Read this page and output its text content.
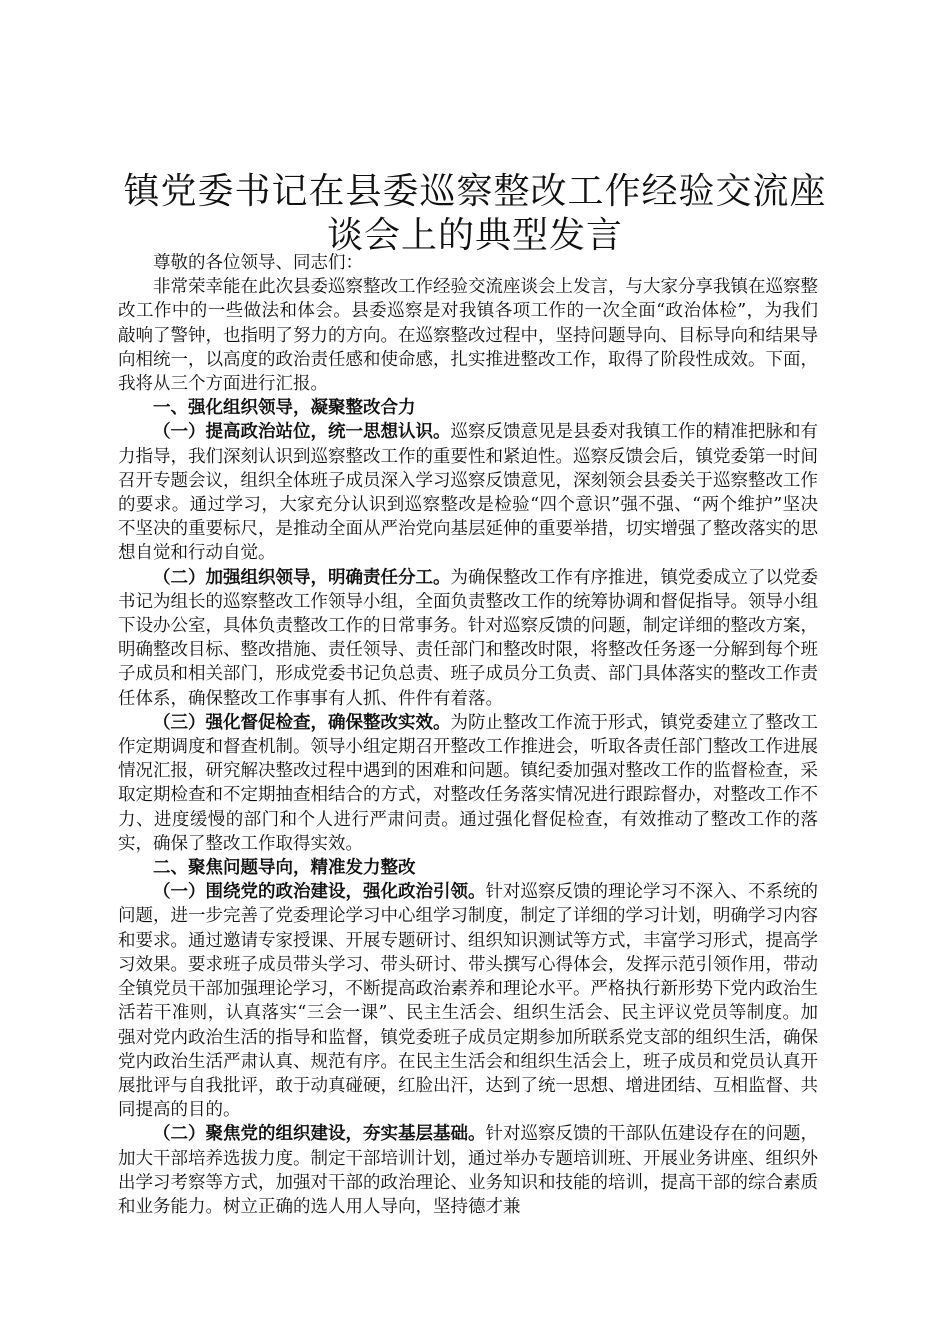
镇党委书记在县委巡察整改工作经验交流座谈会上的典型发言

尊敬的各位领导、同志们：

非常荣幸能在此次县委巡察整改工作经验交流座谈会上发言，与大家分享我镇在巡察整改工作中的一些做法和体会。县委巡察是对我镇各项工作的一次全面“政治体检”，为我们敲响了警钟，也指明了努力的方向。在巡察整改过程中，坚持问题导向、目标导向和结果导向相统一，以高度的政治责任感和使命感，扎实推进整改工作，取得了阶段性成效。下面，我将从三个方面进行汇报。

一、强化组织领导，凝聚整改合力

（一）提高政治站位，统一思想认识。巡察反馈意见是县委对我镇工作的精准把脉和有力指导，我们深刻认识到巡察整改工作的重要性和紧迫性。巡察反馈会后，镇党委第一时间召开专题会议，组织全体班子成员深入学习巡察反馈意见，深刻领会县委关于巡察整改工作的要求。通过学习，大家充分认识到巡察整改是检验“四个意识”强不强、“两个维护”坚决不坚决的重要标尺，是推动全面从严治党向基层延伸的重要举措，切实增强了整改落实的思想自觉和行动自觉。

（二）加强组织领导，明确责任分工。为确保整改工作有序推进，镇党委成立了以党委书记为组长的巡察整改工作领导小组，全面负责整改工作的统筹协调和督促指导。领导小组下设办公室，具体负责整改工作的日常事务。针对巡察反馈的问题，制定详细的整改方案，明确整改目标、整改措施、责任领导、责任部门和整改时限，将整改任务逐一分解到每个班子成员和相关部门，形成党委书记负总责、班子成员分工负责、部门具体落实的整改工作责任体系，确保整改工作事事有人抓、件件有着落。

（三）强化督促检查，确保整改实效。为防止整改工作流于形式，镇党委建立了整改工作定期调度和督查机制。领导小组定期召开整改工作推进会，听取各责任部门整改工作进展情况汇报，研究解决整改过程中遇到的困难和问题。镇纪委加强对整改工作的监督检查，采取定期检查和不定期抽查相结合的方式，对整改任务落实情况进行跟踪督办，对整改工作不力、进度缓慢的部门和个人进行严肃问责。通过强化督促检查，有效推动了整改工作的落实，确保了整改工作取得实效。

二、聚焦问题导向，精准发力整改

（一）围绕党的政治建设，强化政治引领。针对巡察反馈的理论学习不深入、不系统的问题，进一步完善了党委理论学习中心组学习制度，制定了详细的学习计划，明确学习内容和要求。通过邀请专家授课、开展专题研讨、组织知识测试等方式，丰富学习形式，提高学习效果。要求班子成员带头学习、带头研讨、带头撰写心得体会，发挥示范引领作用，带动全镇党员干部加强理论学习，不断提高政治素养和理论水平。严格执行新形势下党内政治生活若干准则，认真落实“三会一课”、民主生活会、组织生活会、民主评议党员等制度。加强对党内政治生活的指导和监督，镇党委班子成员定期参加所联系党支部的组织生活，确保党内政治生活严肃认真、规范有序。在民主生活会和组织生活会上，班子成员和党员认真开展批评与自我批评，敢于动真碰硬，红脸出汗，达到了统一思想、增进团结、互相监督、共同提高的目的。

（二）聚焦党的组织建设，夯实基层基础。针对巡察反馈的干部队伍建设存在的问题，加大干部培养选拔力度。制定干部培训计划，通过举办专题培训班、开展业务讲座、组织外出学习考察等方式，加强对干部的政治理论、业务知识和技能的培训，提高干部的综合素质和业务能力。树立正确的选人用人导向，坚持德才兼
